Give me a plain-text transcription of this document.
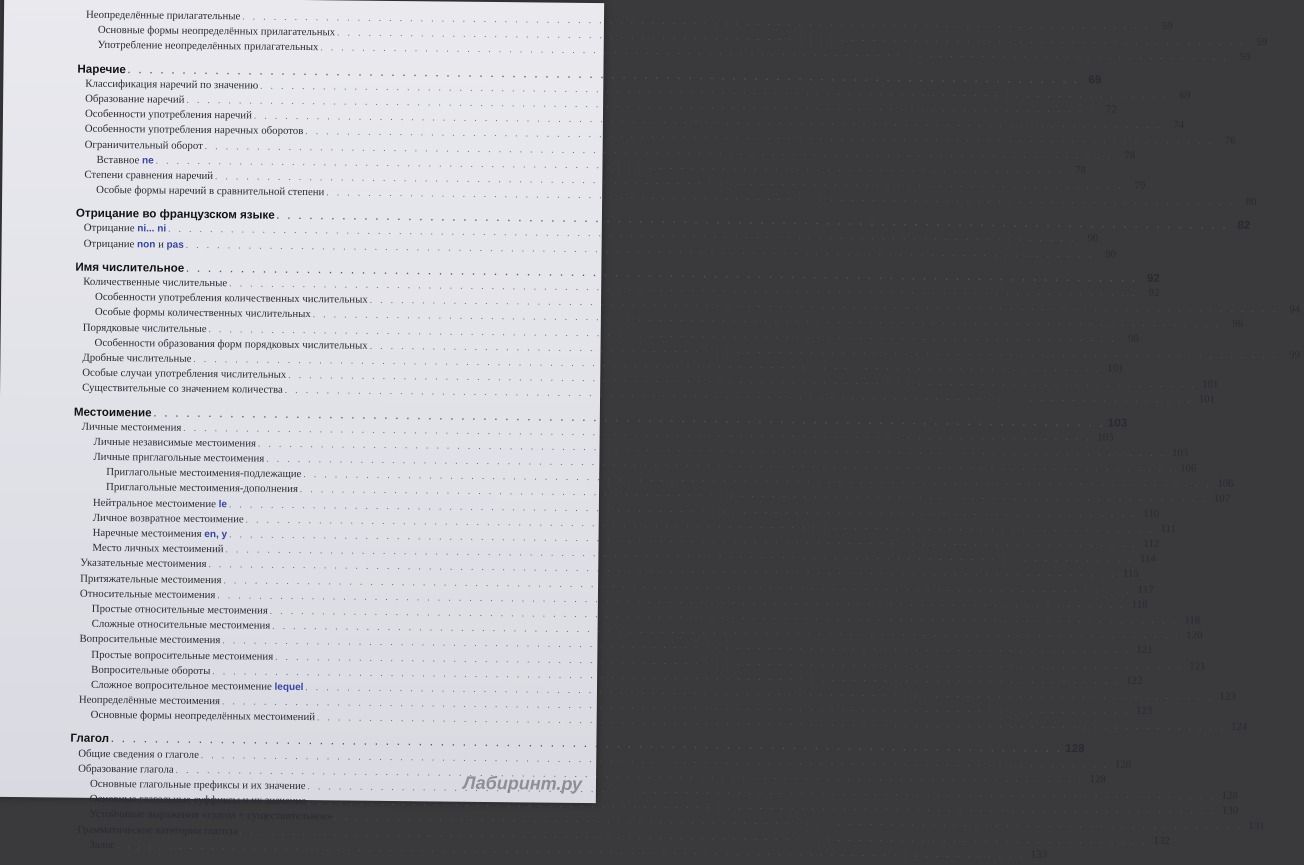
Неопределённые прилагательные
. . .
59
Основные формы неопределённых прилагательных
. . .
59
Употребление неопределённых прилагательных
. . .
59
Наречие
. . .
69
Классификация наречий по значению
. . .
69
Образование наречий
. . .
72
Особенности употребления наречий
. . .
74
Особенности употребления наречных оборотов
. . .
76
Ограничительный оборот
. . .
78
Вставное ne
. . .
78
Степени сравнения наречий
. . .
79
Особые формы наречий в сравнительной степени
. . .
80
Отрицание во французском языке
. . .
82
Отрицание ni... ni
. . .
90
Отрицание non и pas
. . .
90
Имя числительное
. . .
92
Количественные числительные
. . .
92
Особенности употребления количественных числительных
. . .
94
Особые формы количественных числительных
. . .
96
Порядковые числительные
. . .
98
Особенности образования форм порядковых числительных
. . .
99
Дробные числительные
. . .
101
Особые случаи употребления числительных
. . .
101
Существительные со значением количества
. . .
101
Местоимение
. . .
103
Личные местоимения
. . .
103
Личные независимые местоимения
. . .
103
Личные приглагольные местоимения
. . .
106
Приглагольные местоимения-подлежащие
. . .
106
Приглагольные местоимения-дополнения
. . .
107
Нейтральное местоимение le
. . .
110
Личное возвратное местоимение
. . .
111
Наречные местоимения en, y
. . .
112
Место личных местоимений
. . .
114
Указательные местоимения
. . .
115
Притяжательные местоимения
. . .
117
Относительные местоимения
. . .
118
Простые относительные местоимения
. . .
118
Сложные относительные местоимения
. . .
120
Вопросительные местоимения
. . .
121
Простые вопросительные местоимения
. . .
121
Вопросительные обороты
. . .
122
Сложное вопросительное местоимение lequel
. . .
123
Неопределённые местоимения
. . .
123
Основные формы неопределённых местоимений
. . .
124
Глагол
. . .
128
Общие сведения о глаголе
. . .
128
Образование глагола
. . .
128
Основные глагольные префиксы и их значение
. . .
128
Основные глагольные суффиксы и их значение
. . .
130
Устойчивые выражения «глагол + существительное»
. . .
131
Грамматические категории глагола
. . .
132
Залог
. . .
133
Лабиринт.ру
